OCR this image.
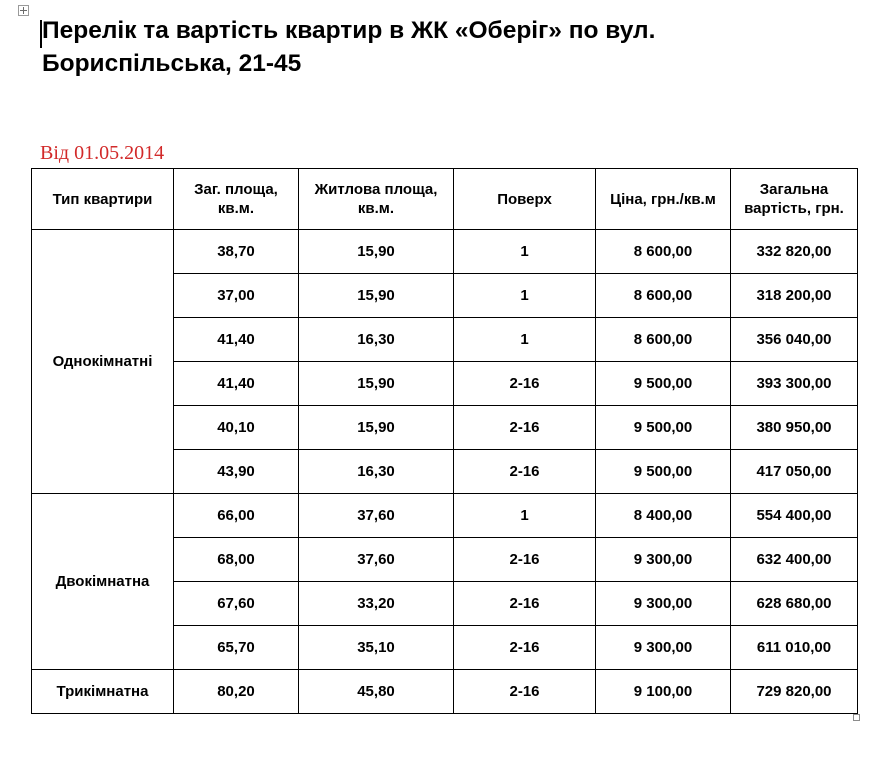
Перелік та вартість квартир в ЖК «Оберіг» по вул. Бориспільська, 21-45
Від 01.05.2014
Тип квартири	Заг. площа, кв.м.	Житлова площа, кв.м.	Поверх	Ціна, грн./кв.м	Загальна вартість, грн.
Однокімнатні	38,70	15,90	1	8 600,00	332 820,00
	37,00	15,90	1	8 600,00	318 200,00
	41,40	16,30	1	8 600,00	356 040,00
	41,40	15,90	2-16	9 500,00	393 300,00
	40,10	15,90	2-16	9 500,00	380 950,00
	43,90	16,30	2-16	9 500,00	417 050,00
Двокімнатна	66,00	37,60	1	8 400,00	554 400,00
	68,00	37,60	2-16	9 300,00	632 400,00
	67,60	33,20	2-16	9 300,00	628 680,00
	65,70	35,10	2-16	9 300,00	611 010,00
Трикімнатна	80,20	45,80	2-16	9 100,00	729 820,00
